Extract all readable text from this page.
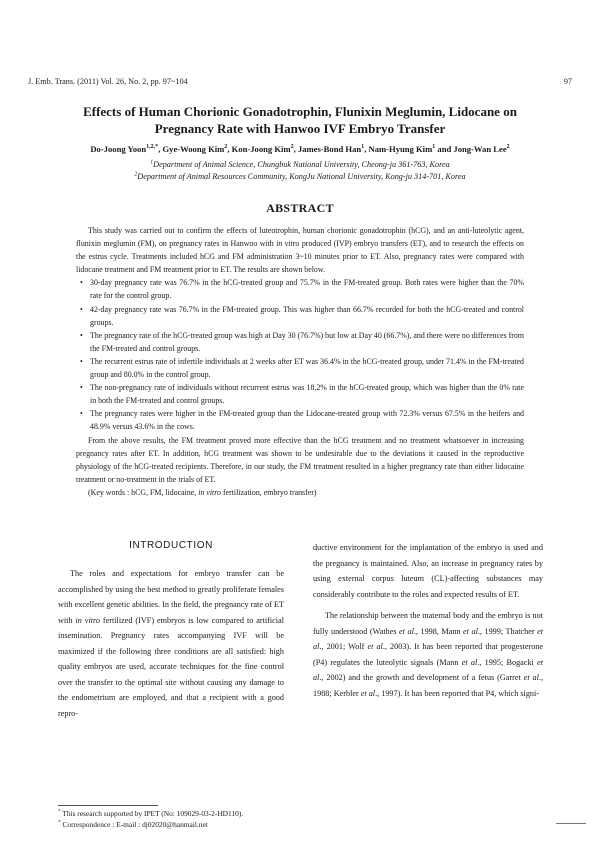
J. Emb. Trans. (2011) Vol. 26, No. 2, pp. 97~104	97
Effects of Human Chorionic Gonadotrophin, Flunixin Meglumin, Lidocane on
Pregnancy Rate with Hanwoo IVF Embryo Transfer
Do-Joong Yoon$^{1,2,*}$, Gye-Woong Kim$^2$, Kon-Joong Kim$^2$, James-Bond Han$^1$, Nam-Hyung Kim$^1$ and Jong-Wan Lee$^2$
$^1$Department of Animal Science, Chungbuk National University, Cheong-ju 361-763, Korea
$^2$Department of Animal Resources Community, KongJu National University, Kong-ju 314-701, Korea
ABSTRACT

This study was carried out to confirm the effects of luteotrophin, human chorionic gonadotrophin (hCG), and an anti-luteolytic agent, flunixin meglumin (FM), on pregnancy rates in Hanwoo with in vitro produced (IVP) embryo transfers (ET), and to research the effects on the estrus cycle. Treatments included hCG and FM administration 3~10 minutes prior to ET. Also, pregnancy rates were compared with lidocane treatment and FM treatment prior to ET. The results are shown below.

• 30-day pregnancy rate was 76.7% in the hCG-treated group and 75.7% in the FM-treated group. Both rates were higher than the 70% rate for the control group.
• 42-day pregnancy rate was 76.7% in the FM-treated group. This was higher than 66.7% recorded for both the hCG-treated and control groups.
• The pregnancy rate of the hCG-treated group was high at Day 30 (76.7%) but low at Day 40 (66.7%), and there were no differences from the FM-treated and control groups.
• The recurrent estrus rate of infertile individuals at 2 weeks after ET was 36.4% in the hCG-treated group, under 71.4% in the FM-treated group and 80.0% in the control group.
• The non-pregnancy rate of individuals without recurrent estrus was 18.2% in the hCG-treated group, which was higher than the 0% rate in both the FM-treated and control groups.
• The pregnancy rates were higher in the FM-treated group than the Lidocane-treated group with 72.3% versus 67.5% in the heifers and 48.9% versus 43.6% in the cows.

From the above results, the FM treatment proved more effective than the hCG treatment and no treatment whatsoever in increasing pregnancy rates after ET. In addition, hCG treatment was shown to be undesirable due to the deviations it caused in the reproductive physiology of the hCG-treated recipients. Therefore, in our study, the FM treatment resulted in a higher pregnancy rate than either lidocaine treatment or no-treatment in the trials of ET.

(Key words : hCG, FM, lidocaine, in vitro fertilization, embryo transfer)

INTRODUCTION

The roles and expectations for embryo transfer can be accomplished by using the best method to greatly proliferate females with excellent genetic abilities. In the field, the pregnancy rate of ET with in vitro fertilized (IVF) embryos is low compared to artificial insemination. Pregnancy rates accompanying IVF will be maximized if the following three conditions are all satisfied: high quality embryos are used, accurate techniques for the fine control over the transfer to the optimal site without causing any damage to the endometrium are employed, and that a recipient with a good repro-

ductive environment for the implantation of the embryo is used and the pregnancy is maintained. Also, an increase in pregnancy rates by using external corpus luteum (CL)-affecting substances may considerably contribute to the roles and expected results of ET.

The relationship between the maternal body and the embryo is not fully understood (Wathes et al., 1998, Mann et al., 1999; Thatcher et al., 2001; Wolf et al., 2003). It has been reported that progesterone (P4) regulates the luteolytic signals (Mann et al., 1995; Bogacki et al., 2002) and the growth and development of a fetus (Garret et al., 1988; Kerbler et al., 1997). It has been reported that P4, which signi-

* This research supported by IPET (No: 109029-03-2-HD110).
* Correspondence : E-mail : dj02020@hanmail.net
